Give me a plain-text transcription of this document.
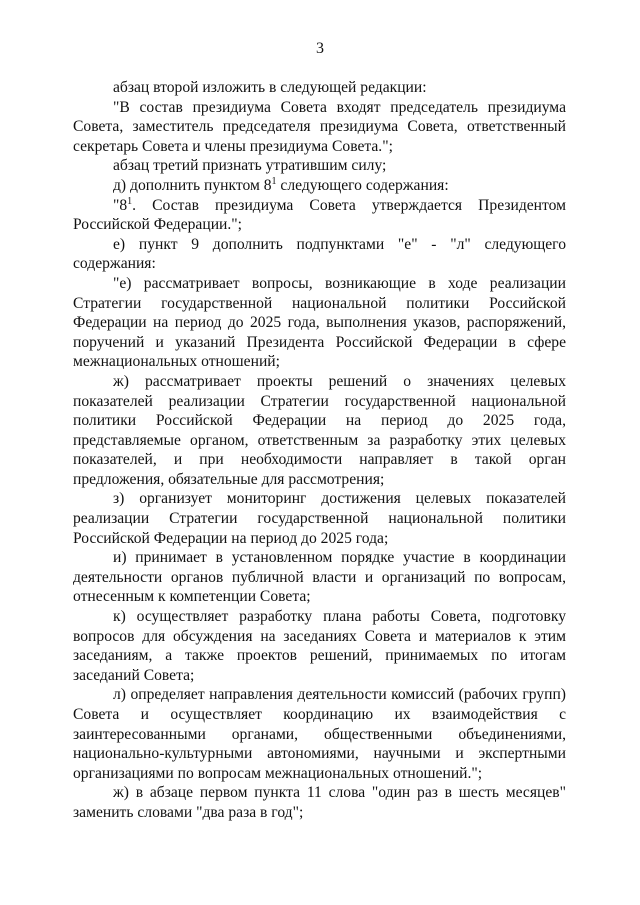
3

абзац второй изложить в следующей редакции:

"В состав президиума Совета входят председатель президиума Совета, заместитель председателя президиума Совета, ответственный секретарь Совета и члены президиума Совета.";

абзац третий признать утратившим силу;

д) дополнить пунктом $8^1$ следующего содержания:

"$8^1$. Состав президиума Совета утверждается Президентом Российской Федерации.";

е) пункт 9 дополнить подпунктами "е" - "л" следующего содержания:

"е) рассматривает вопросы, возникающие в ходе реализации Стратегии государственной национальной политики Российской Федерации на период до 2025 года, выполнения указов, распоряжений, поручений и указаний Президента Российской Федерации в сфере межнациональных отношений;

ж) рассматривает проекты решений о значениях целевых показателей реализации Стратегии государственной национальной политики Российской Федерации на период до 2025 года, представляемые органом, ответственным за разработку этих целевых показателей, и при необходимости направляет в такой орган предложения, обязательные для рассмотрения;

з) организует мониторинг достижения целевых показателей реализации Стратегии государственной национальной политики Российской Федерации на период до 2025 года;

и) принимает в установленном порядке участие в координации деятельности органов публичной власти и организаций по вопросам, отнесенным к компетенции Совета;

к) осуществляет разработку плана работы Совета, подготовку вопросов для обсуждения на заседаниях Совета и материалов к этим заседаниям, а также проектов решений, принимаемых по итогам заседаний Совета;

л) определяет направления деятельности комиссий (рабочих групп) Совета и осуществляет координацию их взаимодействия с заинтересованными органами, общественными объединениями, национально-культурными автономиями, научными и экспертными организациями по вопросам межнациональных отношений.";

ж) в абзаце первом пункта 11 слова "один раз в шесть месяцев" заменить словами "два раза в год";
